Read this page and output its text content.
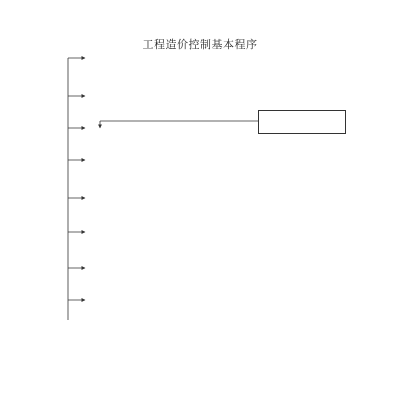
工程造价控制基本程序
